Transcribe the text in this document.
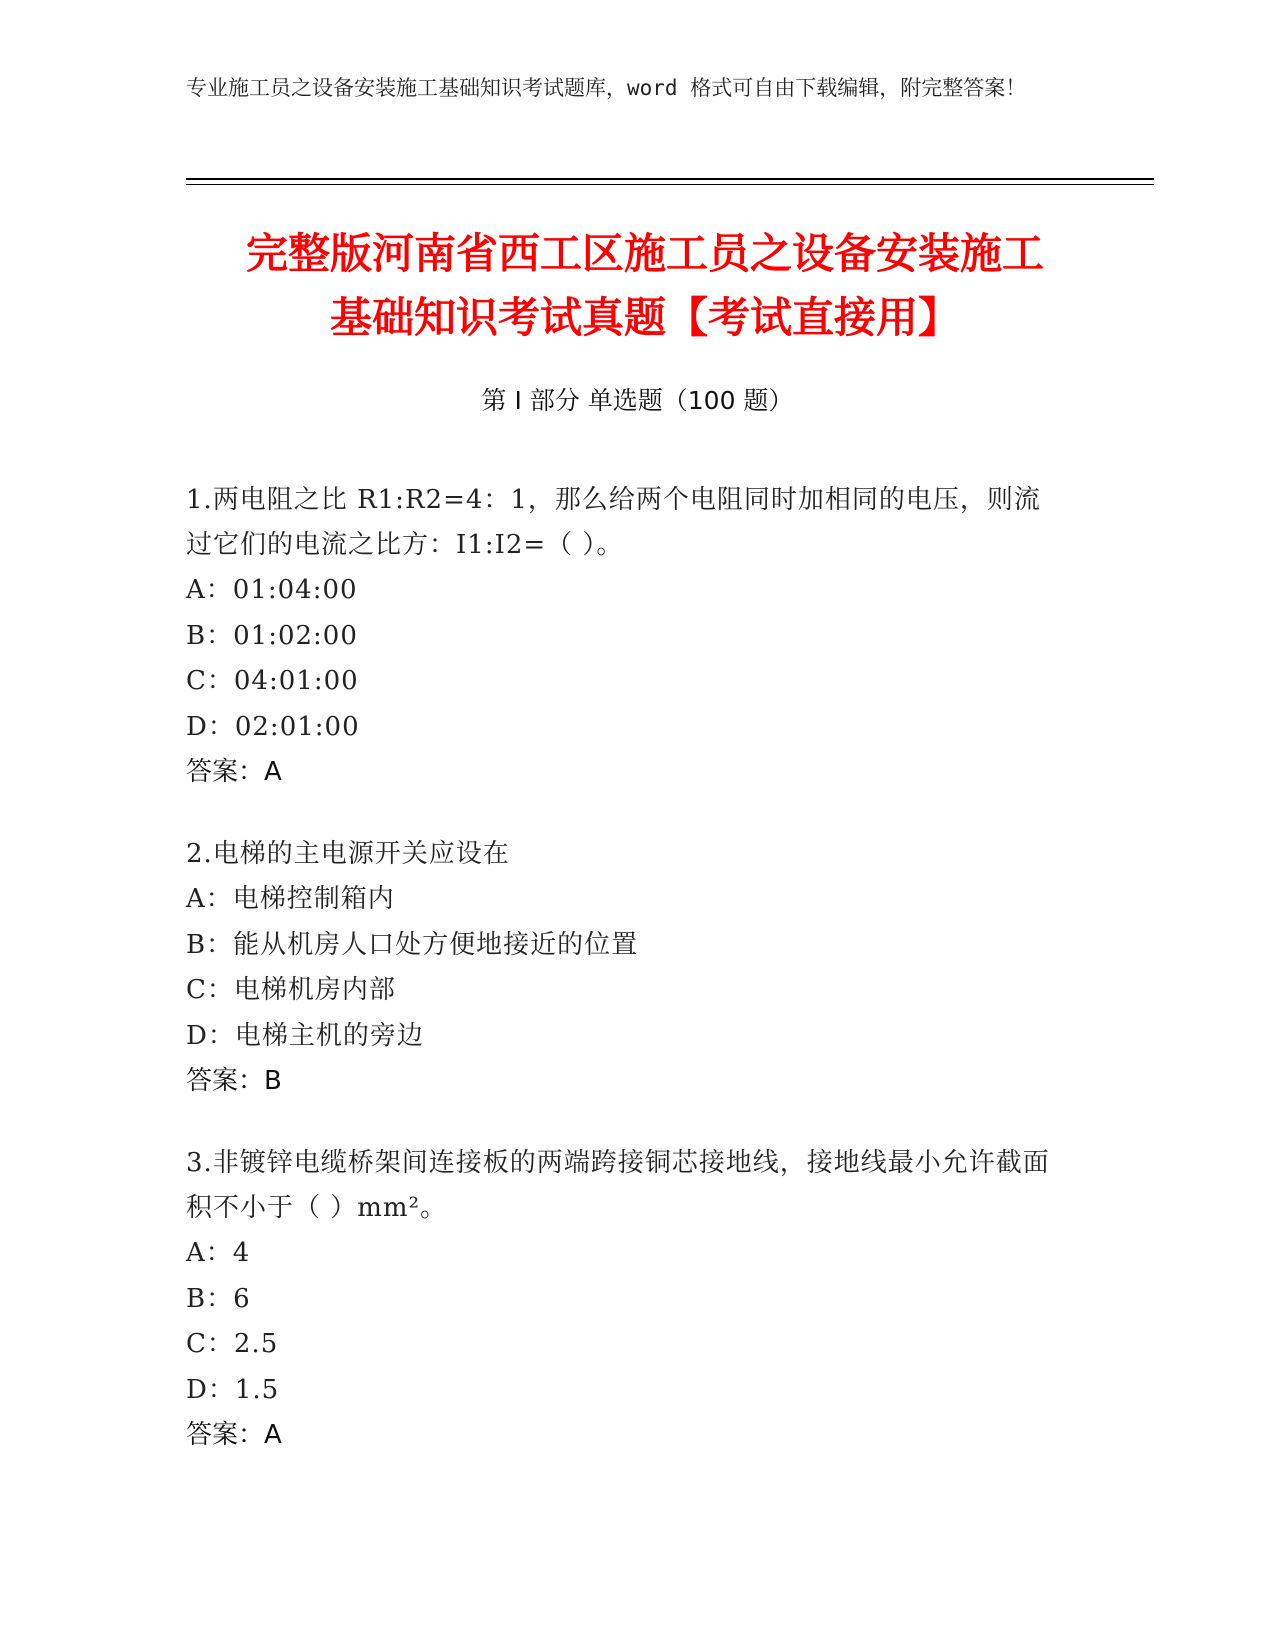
专业施工员之设备安装施工基础知识考试题库，word 格式可自由下载编辑，附完整答案！
完整版河南省西工区施工员之设备安装施工
基础知识考试真题【考试直接用】
第 I 部分 单选题（100 题）
1.两电阻之比 R1:R2=4：1，那么给两个电阻同时加相同的电压，则流过它们的电流之比方：I1:I2=（ ）。
A：01:04:00
B：01:02:00
C：04:01:00
D：02:01:00
答案：A
2.电梯的主电源开关应设在
A：电梯控制箱内
B：能从机房人口处方便地接近的位置
C：电梯机房内部
D：电梯主机的旁边
答案：B
3.非镀锌电缆桥架间连接板的两端跨接铜芯接地线，接地线最小允许截面积不小于（ ）mm²。
A：4
B：6
C：2.5
D：1.5
答案：A
